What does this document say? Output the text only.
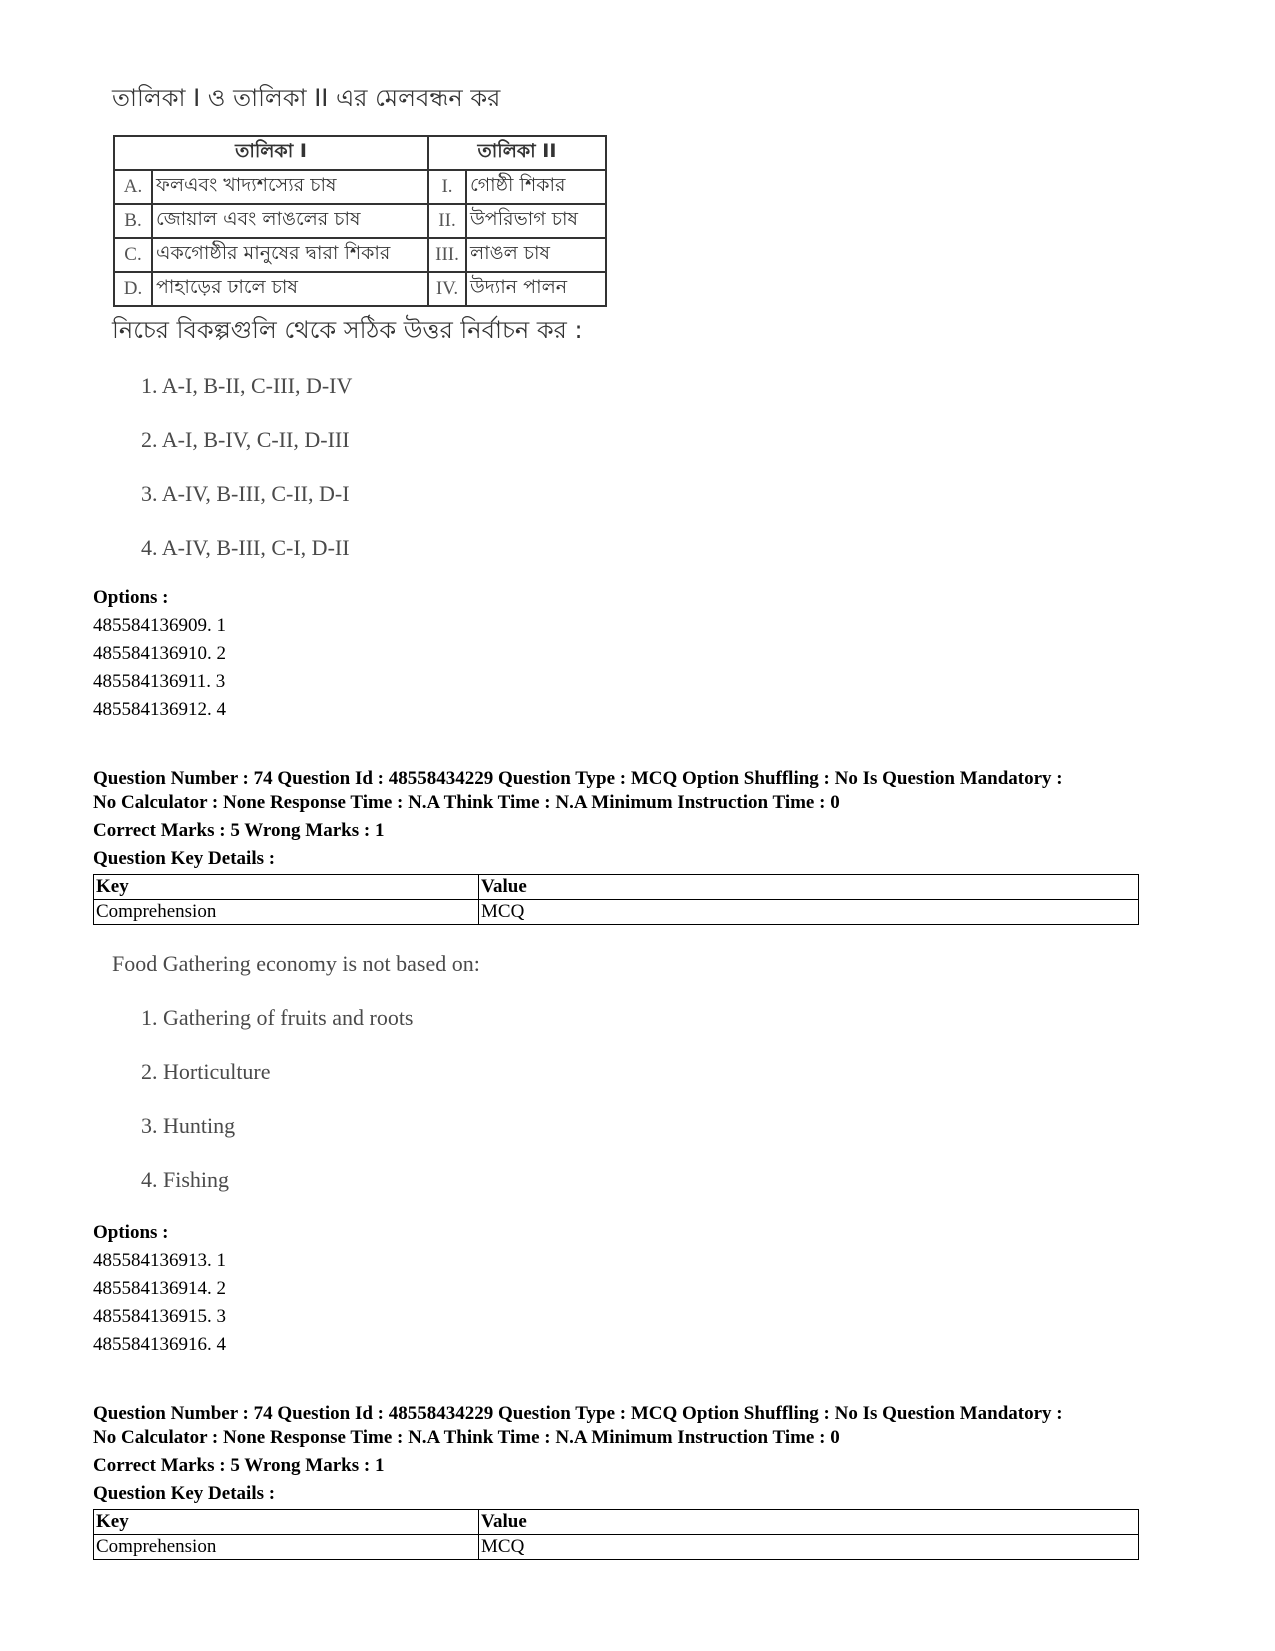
তালিকা I ও তালিকা II এর মেলবন্ধন কর
তালিকা I		তালিকা II	
A.	ফলএবং খাদ্যশস্যের চাষ	I.	গোষ্ঠী শিকার
B.	জোয়াল এবং লাঙলের চাষ	II.	উপরিভাগ চাষ
C.	একগোষ্ঠীর মানুষের দ্বারা শিকার	III.	লাঙল চাষ
D.	পাহাড়ের ঢালে চাষ	IV.	উদ্যান পালন
নিচের বিকল্পগুলি থেকে সঠিক উত্তর নির্বাচন কর :
1. A-I, B-II, C-III, D-IV
2. A-I, B-IV, C-II, D-III
3. A-IV, B-III, C-II, D-I
4. A-IV, B-III, C-I, D-II
Options :
485584136909. 1
485584136910. 2
485584136911. 3
485584136912. 4
Question Number : 74 Question Id : 48558434229 Question Type : MCQ Option Shuffling : No Is Question Mandatory :
No Calculator : None Response Time : N.A Think Time : N.A Minimum Instruction Time : 0
Correct Marks : 5 Wrong Marks : 1
Question Key Details :
Key	Value
Comprehension	MCQ
Food Gathering economy is not based on:
1. Gathering of fruits and roots
2. Horticulture
3. Hunting
4. Fishing
Options :
485584136913. 1
485584136914. 2
485584136915. 3
485584136916. 4
Question Number : 74 Question Id : 48558434229 Question Type : MCQ Option Shuffling : No Is Question Mandatory :
No Calculator : None Response Time : N.A Think Time : N.A Minimum Instruction Time : 0
Correct Marks : 5 Wrong Marks : 1
Question Key Details :
Key	Value
Comprehension	MCQ
